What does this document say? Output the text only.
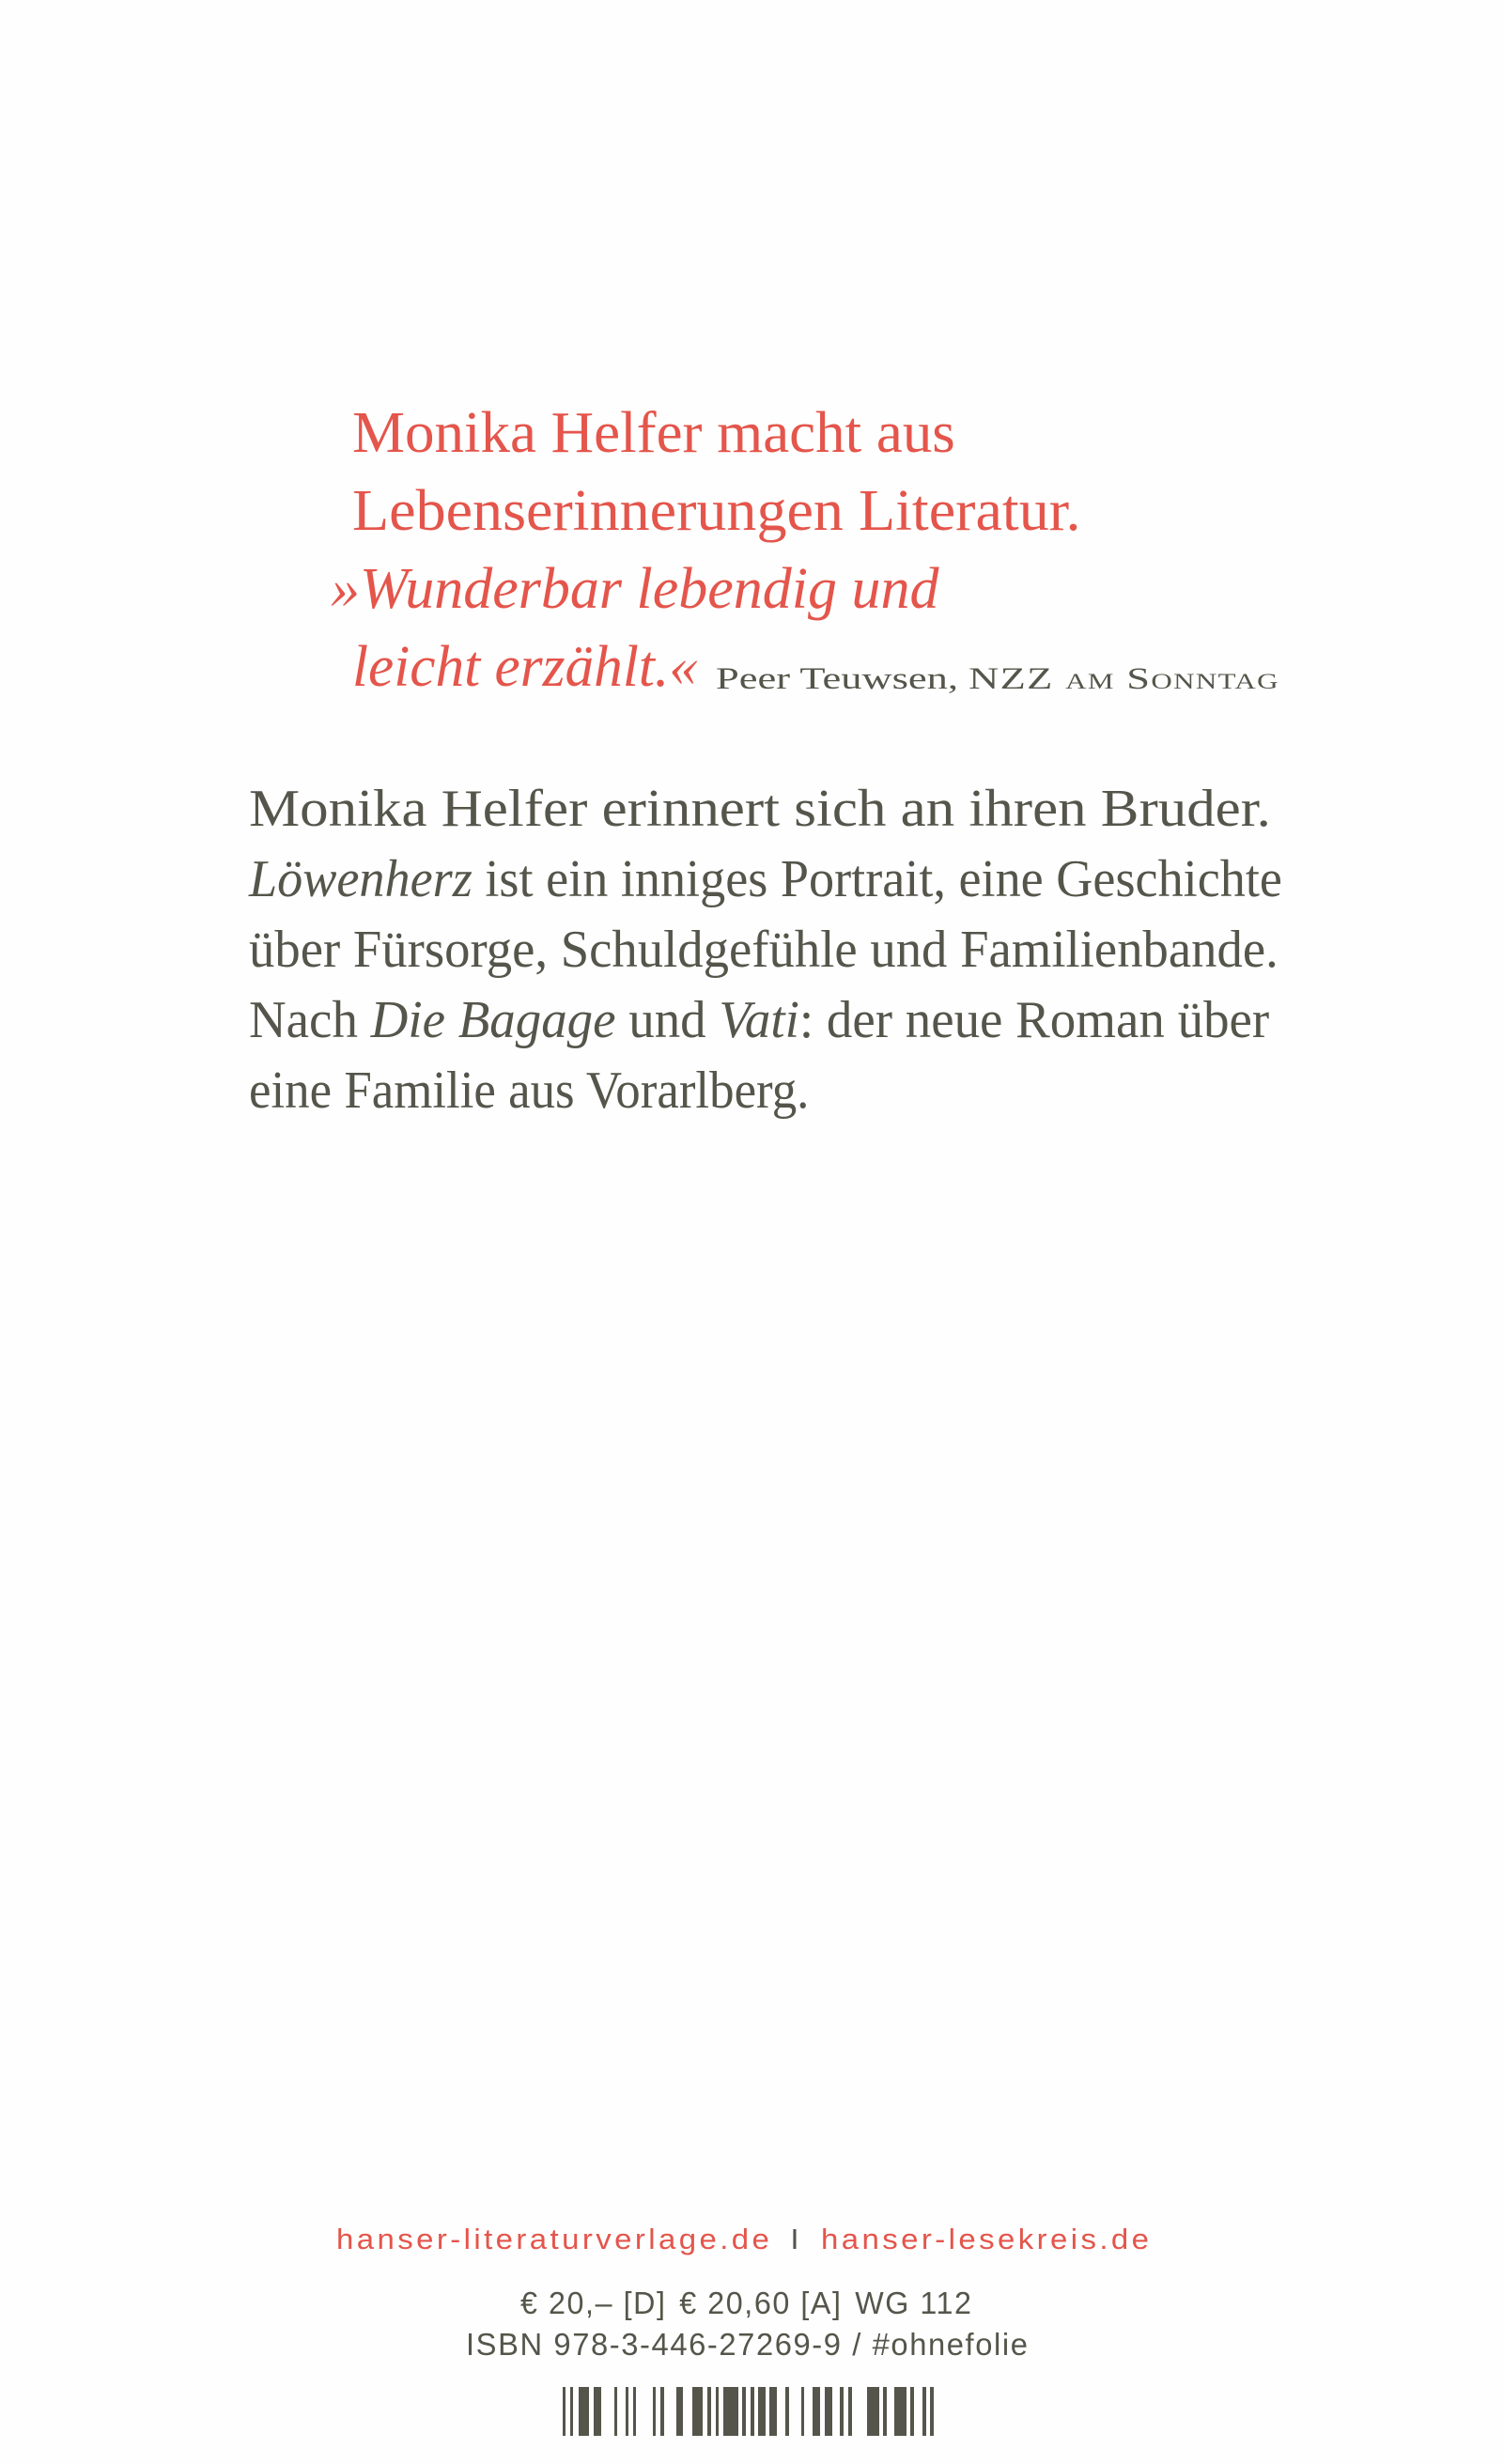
Monika Helfer macht aus
Lebenserinnerungen Literatur.
»Wunderbar lebendig und
leicht erzählt.« Peer Teuwsen, NZZ am Sonntag
Monika Helfer erinnert sich an ihren Bruder.
Löwenherz ist ein inniges Portrait, eine Geschichte
über Fürsorge, Schuldgefühle und Familienbande.
Nach Die Bagage und Vati: der neue Roman über
eine Familie aus Vorarlberg.
hanser-literaturverlage.de I hanser-lesekreis.de
€ 20,– [D] € 20,60 [A] WG 112
ISBN 978-3-446-27269-9 / #ohnefolie
